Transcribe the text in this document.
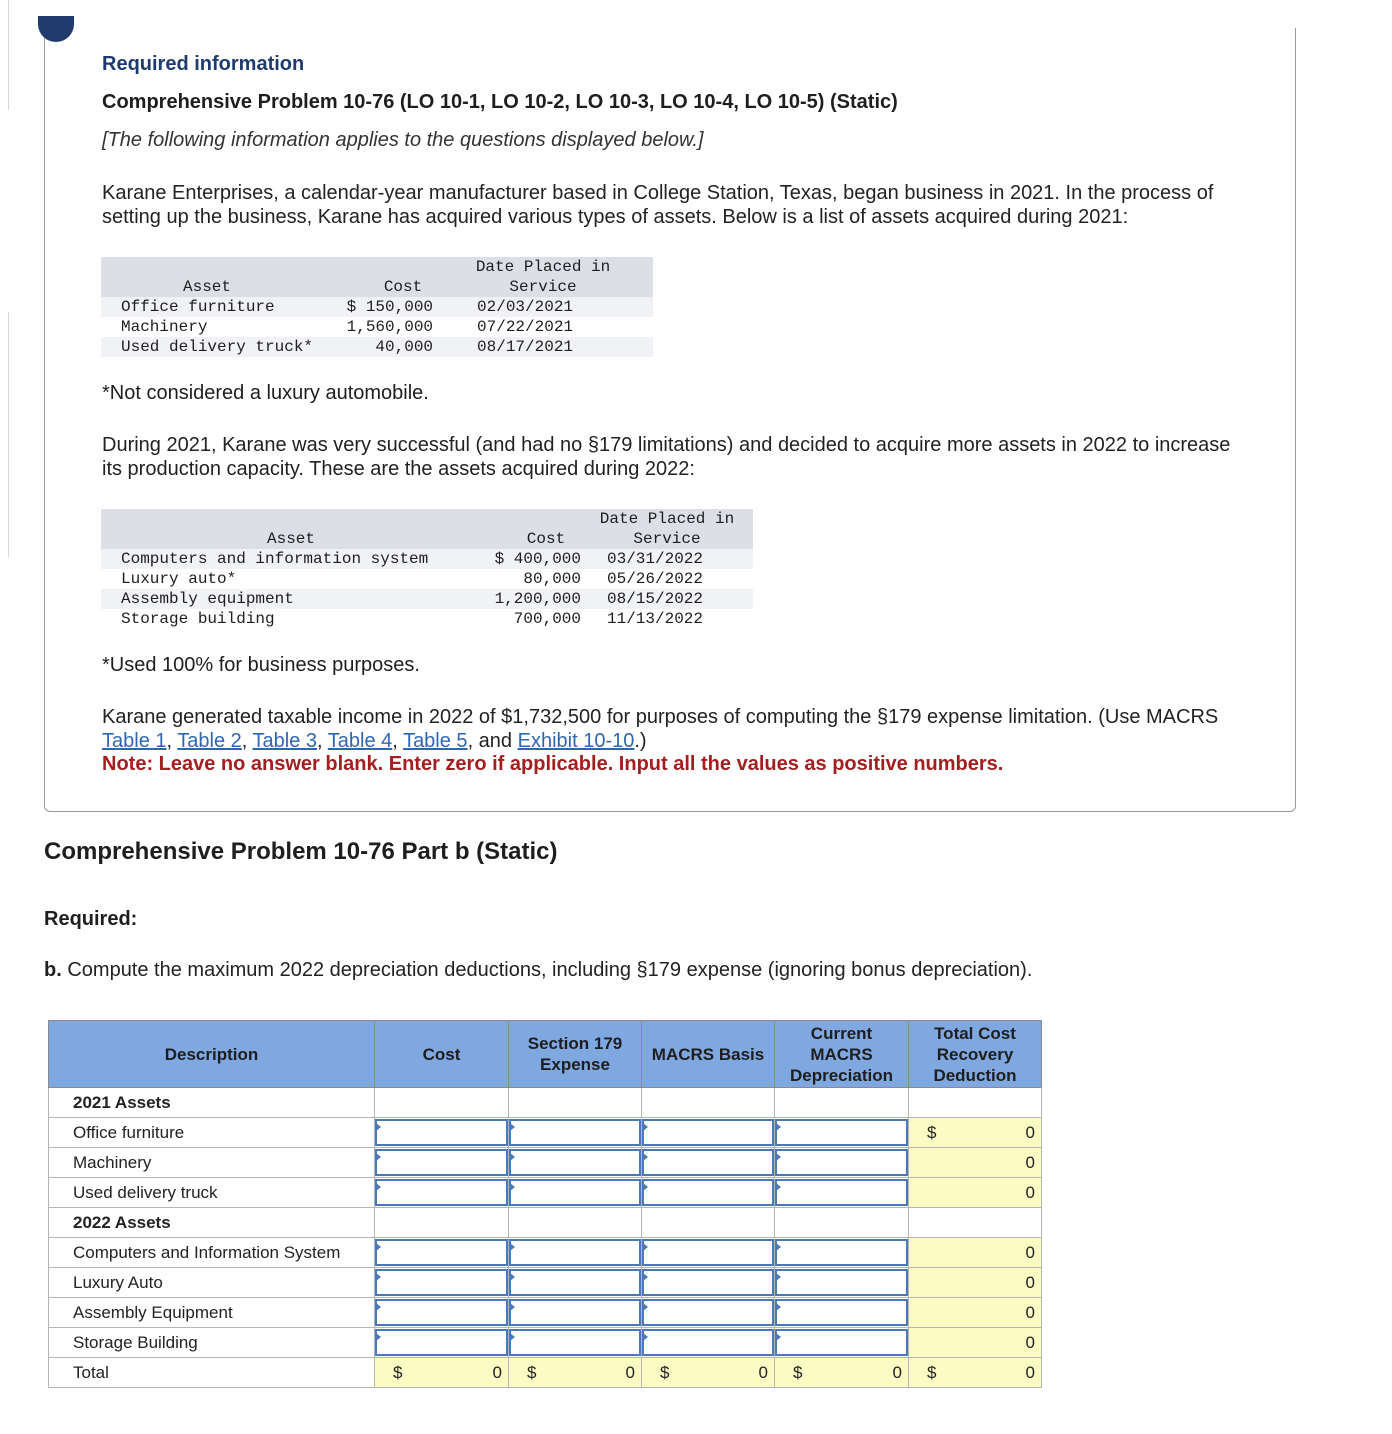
Required information

Comprehensive Problem 10-76 (LO 10-1, LO 10-2, LO 10-3, LO 10-4, LO 10-5) (Static)

[The following information applies to the questions displayed below.]

Karane Enterprises, a calendar-year manufacturer based in College Station, Texas, began business in 2021. In the process of setting up the business, Karane has acquired various types of assets. Below is a list of assets acquired during 2021:

		Date Placed in
Asset	Cost	Service
Office furniture	$ 150,000	02/03/2021
Machinery	1,560,000	07/22/2021
Used delivery truck*	40,000	08/17/2021

*Not considered a luxury automobile.

During 2021, Karane was very successful (and had no §179 limitations) and decided to acquire more assets in 2022 to increase its production capacity. These are the assets acquired during 2022:

		Date Placed in
Asset	Cost	Service
Computers and information system	$ 400,000	03/31/2022
Luxury auto*	80,000	05/26/2022
Assembly equipment	1,200,000	08/15/2022
Storage building	700,000	11/13/2022

*Used 100% for business purposes.

Karane generated taxable income in 2022 of $1,732,500 for purposes of computing the §179 expense limitation. (Use MACRS Table 1, Table 2, Table 3, Table 4, Table 5, and Exhibit 10-10.)

Note: Leave no answer blank. Enter zero if applicable. Input all the values as positive numbers.

Comprehensive Problem 10-76 Part b (Static)

Required:

b. Compute the maximum 2022 depreciation deductions, including §179 expense (ignoring bonus depreciation).

Description	Cost	Section 179 Expense	MACRS Basis	Current MACRS Depreciation	Total Cost Recovery Deduction
2021 Assets					
Office furniture					$ 0

Machinery					0

Used delivery truck					0

2022 Assets					
Computers and Information System					0

Luxury Auto					0

Assembly Equipment					0

Storage Building					0

Total	$ 0	$ 0	$ 0	$ 0	$ 0
